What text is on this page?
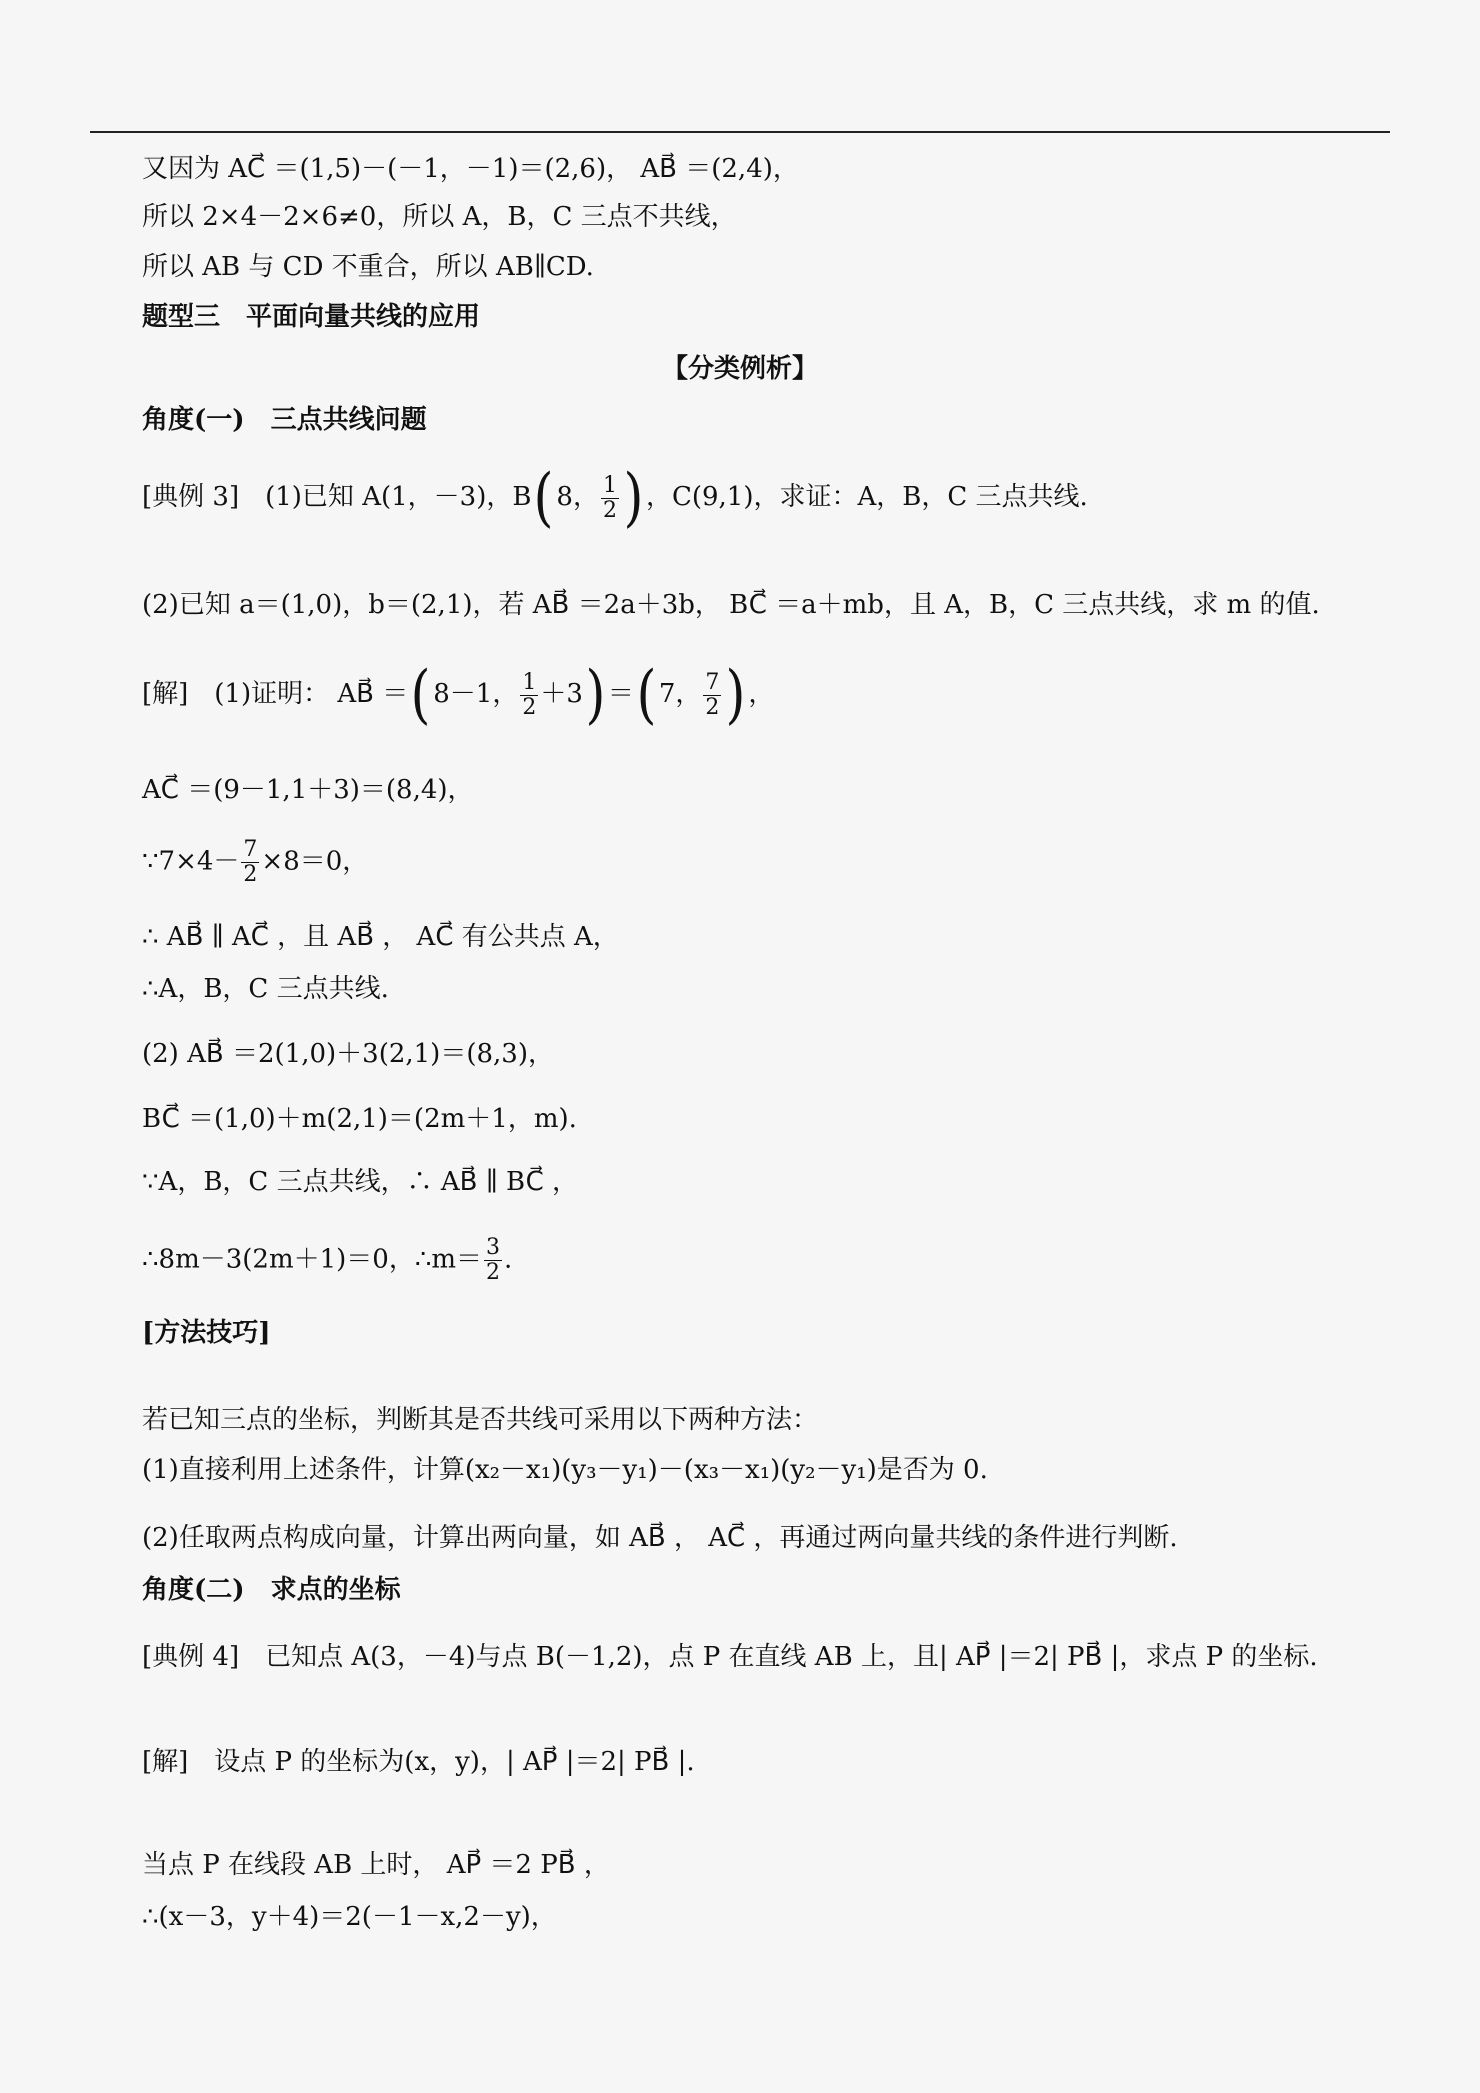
又因为 AC⃗ ＝(1,5)－(－1，－1)＝(2,6)， AB⃗ ＝(2,4)，
所以 2×4－2×6≠0，所以 A，B，C 三点不共线，
所以 AB 与 CD 不重合，所以 AB∥CD.
题型三　平面向量共线的应用
角度(一)　三点共线问题
(2)已知 a＝(1,0)，b＝(2,1)，若 AB⃗ ＝2a＋3b， BC⃗ ＝a＋mb，且 A，B，C 三点共线，求 m 的值.
AC⃗ ＝(9－1,1＋3)＝(8,4)，
∴ AB⃗ ∥ AC⃗ ，且 AB⃗ ， AC⃗ 有公共点 A，
∴A，B，C 三点共线.
(2) AB⃗ ＝2(1,0)＋3(2,1)＝(8,3)，
BC⃗ ＝(1,0)＋m(2,1)＝(2m＋1，m).
∵A，B，C 三点共线，∴ AB⃗ ∥ BC⃗ ，
[方法技巧]
若已知三点的坐标，判断其是否共线可采用以下两种方法：
(1)直接利用上述条件，计算(x₂－x₁)(y₃－y₁)－(x₃－x₁)(y₂－y₁)是否为 0.
(2)任取两点构成向量，计算出两向量，如 AB⃗ ， AC⃗ ，再通过两向量共线的条件进行判断.
角度(二)　求点的坐标
[典例 4]　已知点 A(3，－4)与点 B(－1,2)，点 P 在直线 AB 上，且| AP⃗ |＝2| PB⃗ |，求点 P 的坐标.
[解]　设点 P 的坐标为(x，y)，| AP⃗ |＝2| PB⃗ |.
当点 P 在线段 AB 上时， AP⃗ ＝2 PB⃗ ，
∴(x－3，y＋4)＝2(－1－x,2－y)，
【分类例析】
[典例 3]　(1)已知 A(1，－3)，B(8， $\frac{1}{2}$ )，C(9,1)，求证：A，B，C 三点共线.
[解]　(1)证明： AB⃗ ＝(8－1， $\frac{1}{2} +3)=(7$， $\frac{7}{2}$ )，
∵7×4－ $\frac{7}{2} \times 8=0$，
∴8m－3(2m＋1)＝0，∴m＝ $\frac{3}{2}$ .
